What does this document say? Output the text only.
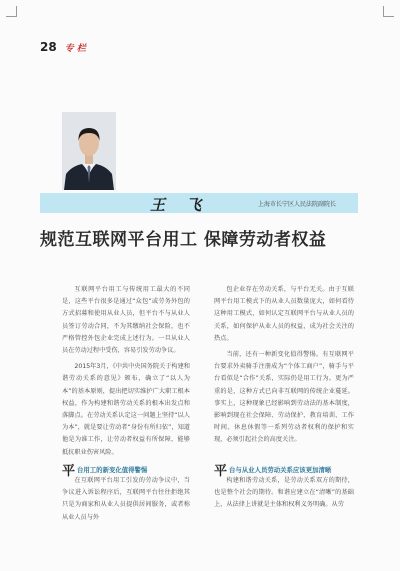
28 专 栏
王 飞	上海市长宁区人民法院副院长
规范互联网平台用工 保障劳动者权益

互联网平台用工与传统用工最大的不同是，这些平台很多是通过“众包”或劳务外包的方式招募和使用从业人员，但平台不与从业人员签订劳动合同，不为其缴纳社会保险，也不严格管控外包企业完成上述行为。一旦从业人员在劳动过程中受伤，容易引发劳动争议。

2015年3月，《中共中央国务院关于构建和谐劳动关系的意见》颁布，确立了“以人为本”的基本原则，提出把切实维护广大职工根本权益，作为构建和谐劳动关系的根本出发点和落脚点。在劳动关系认定这一问题上坚持“以人为本”，就是要让劳动者“身份有所归依”，知道他是为谁工作，让劳动者权益有所保障，能够抵抗职业伤害风险。

包企业存在劳动关系，与平台无关。由于互联网平台用工模式下的从业人员数量庞大，如何看待这种用工模式，如何认定互联网平台与从业人员的关系，如何保护从业人员的权益，成为社会关注的热点。

当前，还有一种新变化值得警惕。有互联网平台要求外卖骑手注册成为“个体工商户”，骑手与平台看似是“合作”关系，实际仍是用工行为。更为严重的是，这种方式已向非互联网的传统企业蔓延。事实上，这种现象已经影响到劳动法的基本制度，影响到现在社会保障、劳动保护、教育培训、工作时间、休息休假等一系列劳动者权利的保护和实现，必须引起社会的高度关注。

平 台用工的新变化值得警惕	平 台与从业人员劳动关系应该更加清晰

在互联网平台用工引发的劳动争议中，当争议进入诉讼程序后，互联网平台往往拒绝其只是为商家和从业人员提供居间服务，或者称从业人员与外

构建和谐劳动关系，是劳动关系双方的期待，也是整个社会的期待。和谐应建立在“清晰”的基础上，从法律上讲就是主体和权利义务明确。从劳
